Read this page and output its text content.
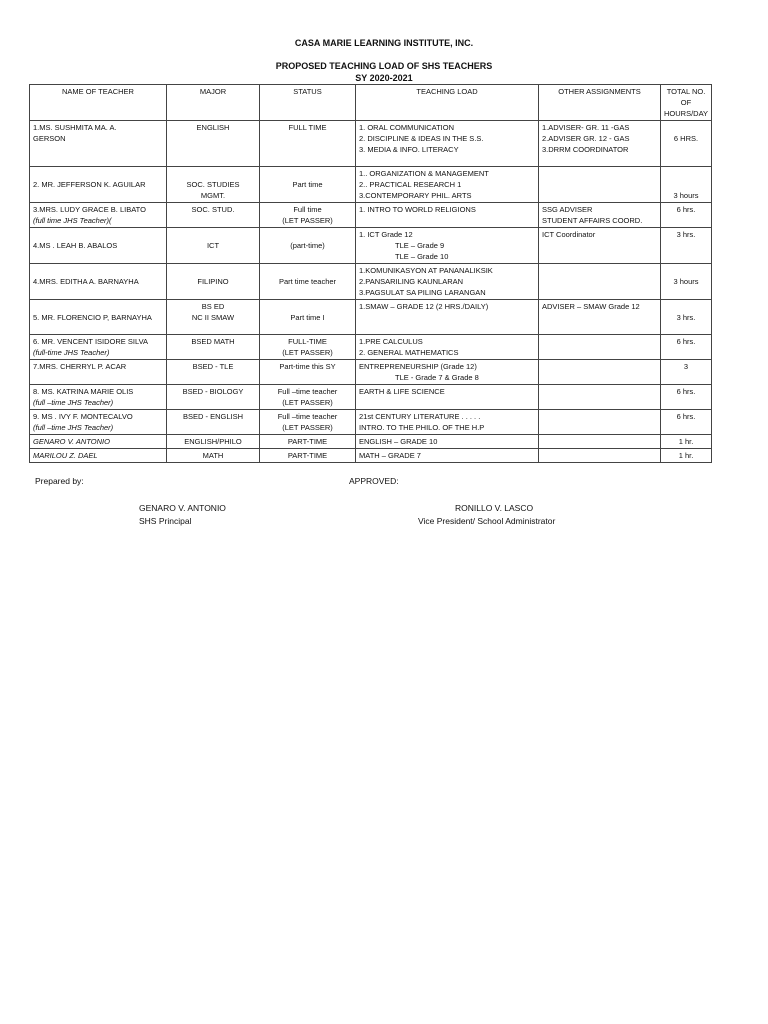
CASA MARIE LEARNING INSTITUTE, INC.
PROPOSED TEACHING LOAD OF SHS TEACHERS
SY 2020-2021
NAME OF TEACHER	MAJOR	STATUS	TEACHING LOAD	OTHER ASSIGNMENTS	TOTAL NO. OF HOURS/DAY

1.MS. SUSHMITA MA. A.
GERSON	ENGLISH	FULL TIME	1. ORAL COMMUNICATION
2. DISCIPLINE & IDEAS IN THE S.S.
3. MEDIA & INFO. LITERACY	1.ADVISER- GR. 11 -GAS
2.ADVISER GR. 12 - GAS
3.DRRM COORDINATOR	6 HRS.

2. MR. JEFFERSON K. AGUILAR	SOC. STUDIES
MGMT.	Part time	1.. ORGANIZATION & MANAGEMENT
2.. PRACTICAL RESEARCH 1
3.CONTEMPORARY PHIL. ARTS		3 hours

3.MRS. LUDY GRACE B. LIBATO
(full time JHS Teacher)(	SOC. STUD.	Full time
(LET PASSER)	1. INTRO TO WORLD RELIGIONS	SSG ADVISER
STUDENT AFFAIRS COORD.	6 hrs.

4.MS . LEAH B. ABALOS	ICT	(part-time)	1. ICT Grade 12
TLE – Grade 9
TLE – Grade 10	ICT Coordinator	3 hrs.

4.MRS. EDITHA A. BARNAYHA	FILIPINO	Part time teacher	1.KOMUNIKASYON AT PANANALIKSIK
2.PANSARILING KAUNLARAN
3.PAGSULAT SA PILING LARANGAN		3 hours

5. MR. FLORENCIO P, BARNAYHA	BS ED
NC II SMAW	Part time I	1.SMAW – GRADE 12 (2 HRS./DAILY)	ADVISER – SMAW Grade 12	3 hrs.

6. MR. VENCENT ISIDORE SILVA
(full-time JHS Teacher)	BSED MATH	FULL-TIME
(LET PASSER)	1.PRE CALCULUS
2. GENERAL MATHEMATICS		6 hrs.

7.MRS. CHERRYL P. ACAR	BSED - TLE	Part-time this SY	ENTREPRENEURSHIP (Grade 12)
TLE - Grade 7 & Grade 8		3

8. MS. KATRINA MARIE OLIS
(full –time JHS Teacher)	BSED - BIOLOGY	Full –time teacher
(LET PASSER)	EARTH & LIFE SCIENCE		6 hrs.

9. MS . IVY F. MONTECALVO
(full –time JHS Teacher)	BSED - ENGLISH	Full –time teacher
(LET PASSER)	21st CENTURY LITERATURE . . . . .
INTRO. TO THE PHILO. OF THE H.P		6 hrs.

GENARO V. ANTONIO	ENGLISH/PHILO	PART-TIME	ENGLISH – GRADE 10		1 hr.

MARILOU Z. DAEL	MATH	PART-TIME	MATH – GRADE 7		1 hr.
Prepared by:	APPROVED:
GENARO V. ANTONIO
SHS Principal
RONILLO V. LASCO
Vice President/ School Administrator
